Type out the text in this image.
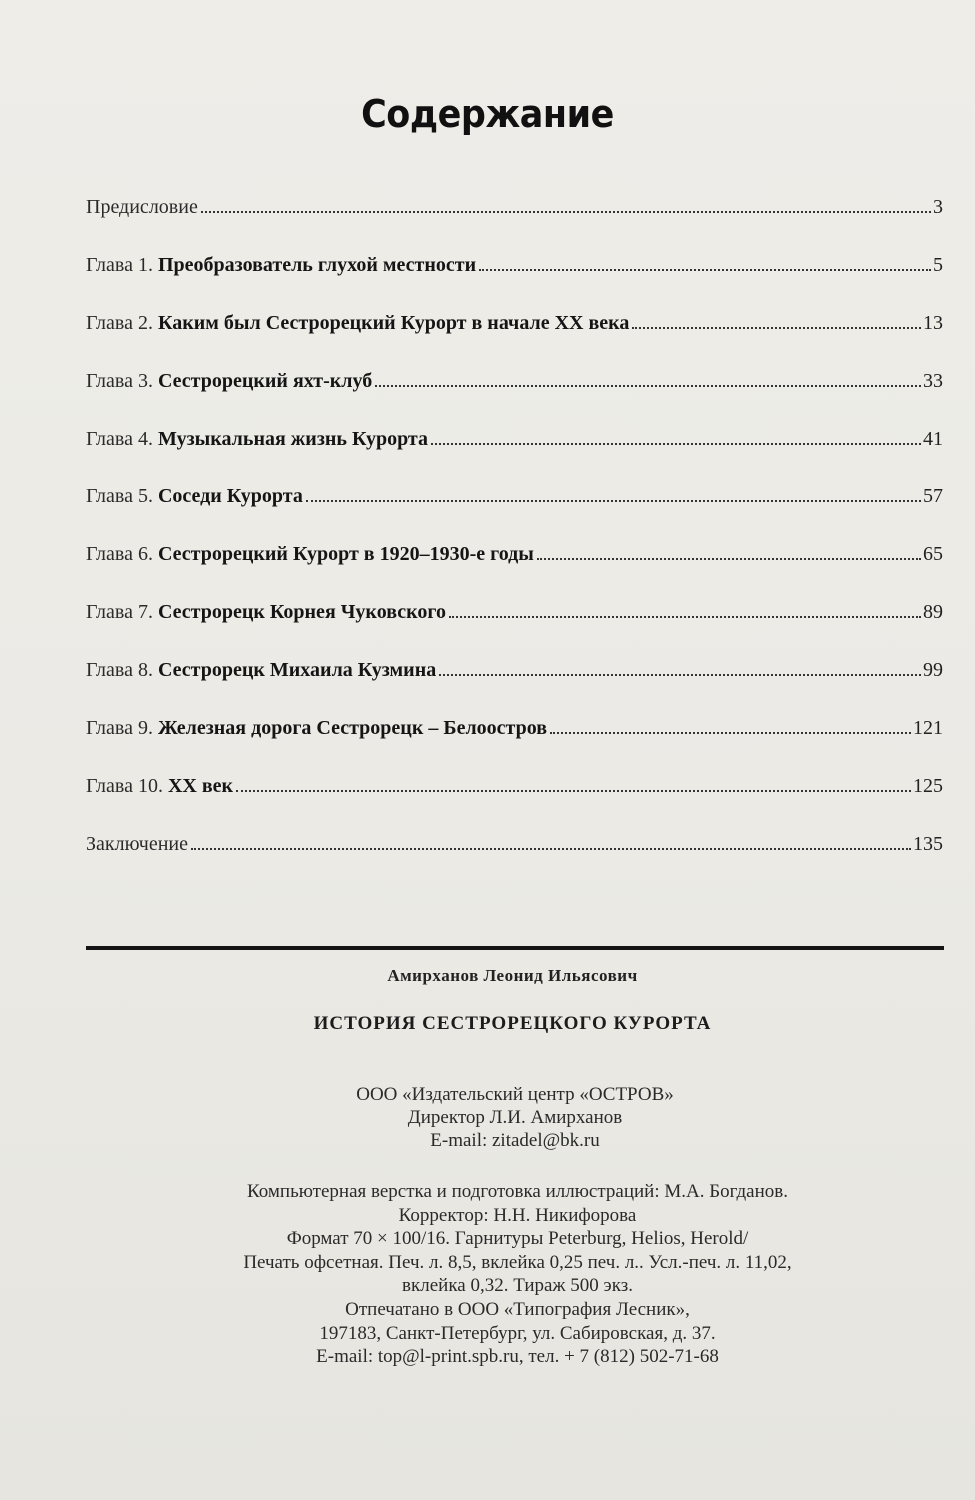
Содержание
Предисловие	3
Глава 1. Преобразователь глухой местности	5
Глава 2. Каким был Сестрорецкий Курорт в начале XX века	13
Глава 3. Сестрорецкий яхт-клуб	33
Глава 4. Музыкальная жизнь Курорта	41
Глава 5. Соседи Курорта	57
Глава 6. Сестрорецкий Курорт в 1920–1930-е годы	65
Глава 7. Сестрорецк Корнея Чуковского	89
Глава 8. Сестрорецк Михаила Кузмина	99
Глава 9. Железная дорога Сестрорецк – Белоостров	121
Глава 10. XX век	125
Заключение	135
Амирханов Леонид Ильясович
ИСТОРИЯ СЕСТРОРЕЦКОГО КУРОРТА
ООО «Издательский центр «ОСТРОВ»
Директор Л.И. Амирханов
E-mail: zitadel@bk.ru
Компьютерная верстка и подготовка иллюстраций: М.А. Богданов.
Корректор: Н.Н. Никифорова
Формат 70 × 100/16. Гарнитуры Peterburg, Helios, Herold/
Печать офсетная. Печ. л. 8,5, вклейка 0,25 печ. л.. Усл.-печ. л. 11,02,
вклейка 0,32. Тираж 500 экз.
Отпечатано в ООО «Типография Лесник»,
197183, Санкт-Петербург, ул. Сабировская, д. 37.
E-mail: top@l-print.spb.ru, тел. + 7 (812) 502-71-68
